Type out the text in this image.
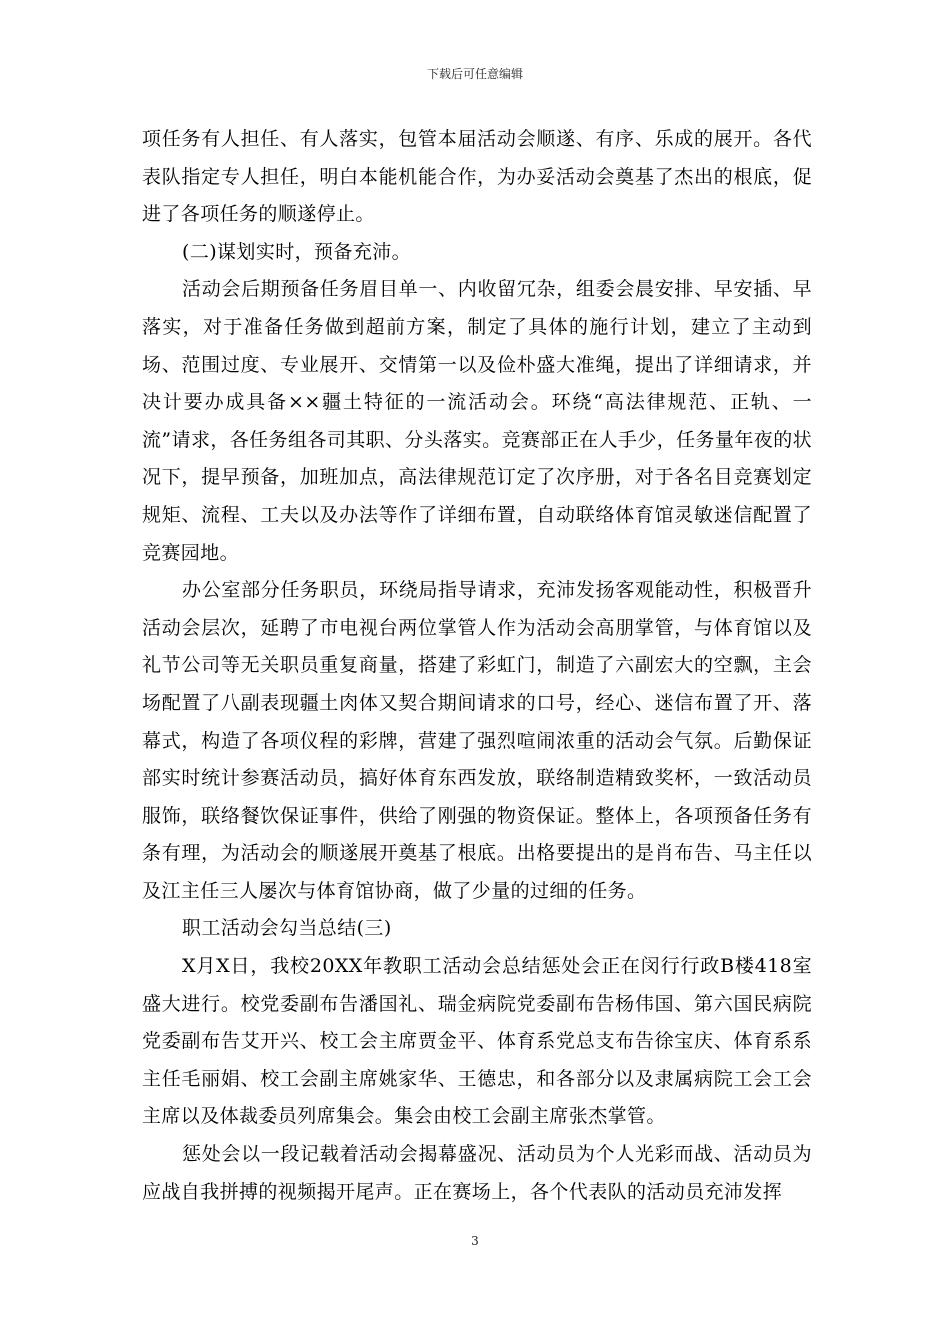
下载后可任意编辑

项任务有人担任、有人落实，包管本届活动会顺遂、有序、乐成的展开。各代表队指定专人担任，明白本能机能合作，为办妥活动会奠基了杰出的根底，促进了各项任务的顺遂停止。

(二)谋划实时，预备充沛。

活动会后期预备任务眉目单一、内收留冗杂，组委会晨安排、早安插、早落实，对于准备任务做到超前方案，制定了具体的施行计划，建立了主动到场、范围过度、专业展开、交情第一以及俭朴盛大准绳，提出了详细请求，并决计要办成具备××疆土特征的一流活动会。环绕“高法律规范、正轨、一流”请求，各任务组各司其职、分头落实。竞赛部正在人手少，任务量年夜的状况下，提早预备，加班加点，高法律规范订定了次序册，对于各名目竞赛划定规矩、流程、工夫以及办法等作了详细布置，自动联络体育馆灵敏迷信配置了竞赛园地。

办公室部分任务职员，环绕局指导请求，充沛发扬客观能动性，积极晋升活动会层次，延聘了市电视台两位掌管人作为活动会高朋掌管，与体育馆以及礼节公司等无关职员重复商量，搭建了彩虹门，制造了六副宏大的空飘，主会场配置了八副表现疆土肉体又契合期间请求的口号，经心、迷信布置了开、落幕式，构造了各项仪程的彩牌，营建了强烈喧闹浓重的活动会气氛。后勤保证部实时统计参赛活动员，搞好体育东西发放，联络制造精致奖杯，一致活动员服饰，联络餐饮保证事件，供给了刚强的物资保证。整体上，各项预备任务有条有理，为活动会的顺遂展开奠基了根底。出格要提出的是肖布告、马主任以及江主任三人屡次与体育馆协商，做了少量的过细的任务。

职工活动会勾当总结(三)

X月X日，我校20XX年教职工活动会总结惩处会正在闵行行政B楼418室盛大进行。校党委副布告潘国礼、瑞金病院党委副布告杨伟国、第六国民病院党委副布告艾开兴、校工会主席贾金平、体育系党总支布告徐宝庆、体育系系主任毛丽娟、校工会副主席姚家华、王德忠，和各部分以及隶属病院工会工会主席以及体裁委员列席集会。集会由校工会副主席张杰掌管。

惩处会以一段记载着活动会揭幕盛况、活动员为个人光彩而战、活动员为应战自我拼搏的视频揭开尾声。正在赛场上，各个代表队的活动员充沛发挥

3
